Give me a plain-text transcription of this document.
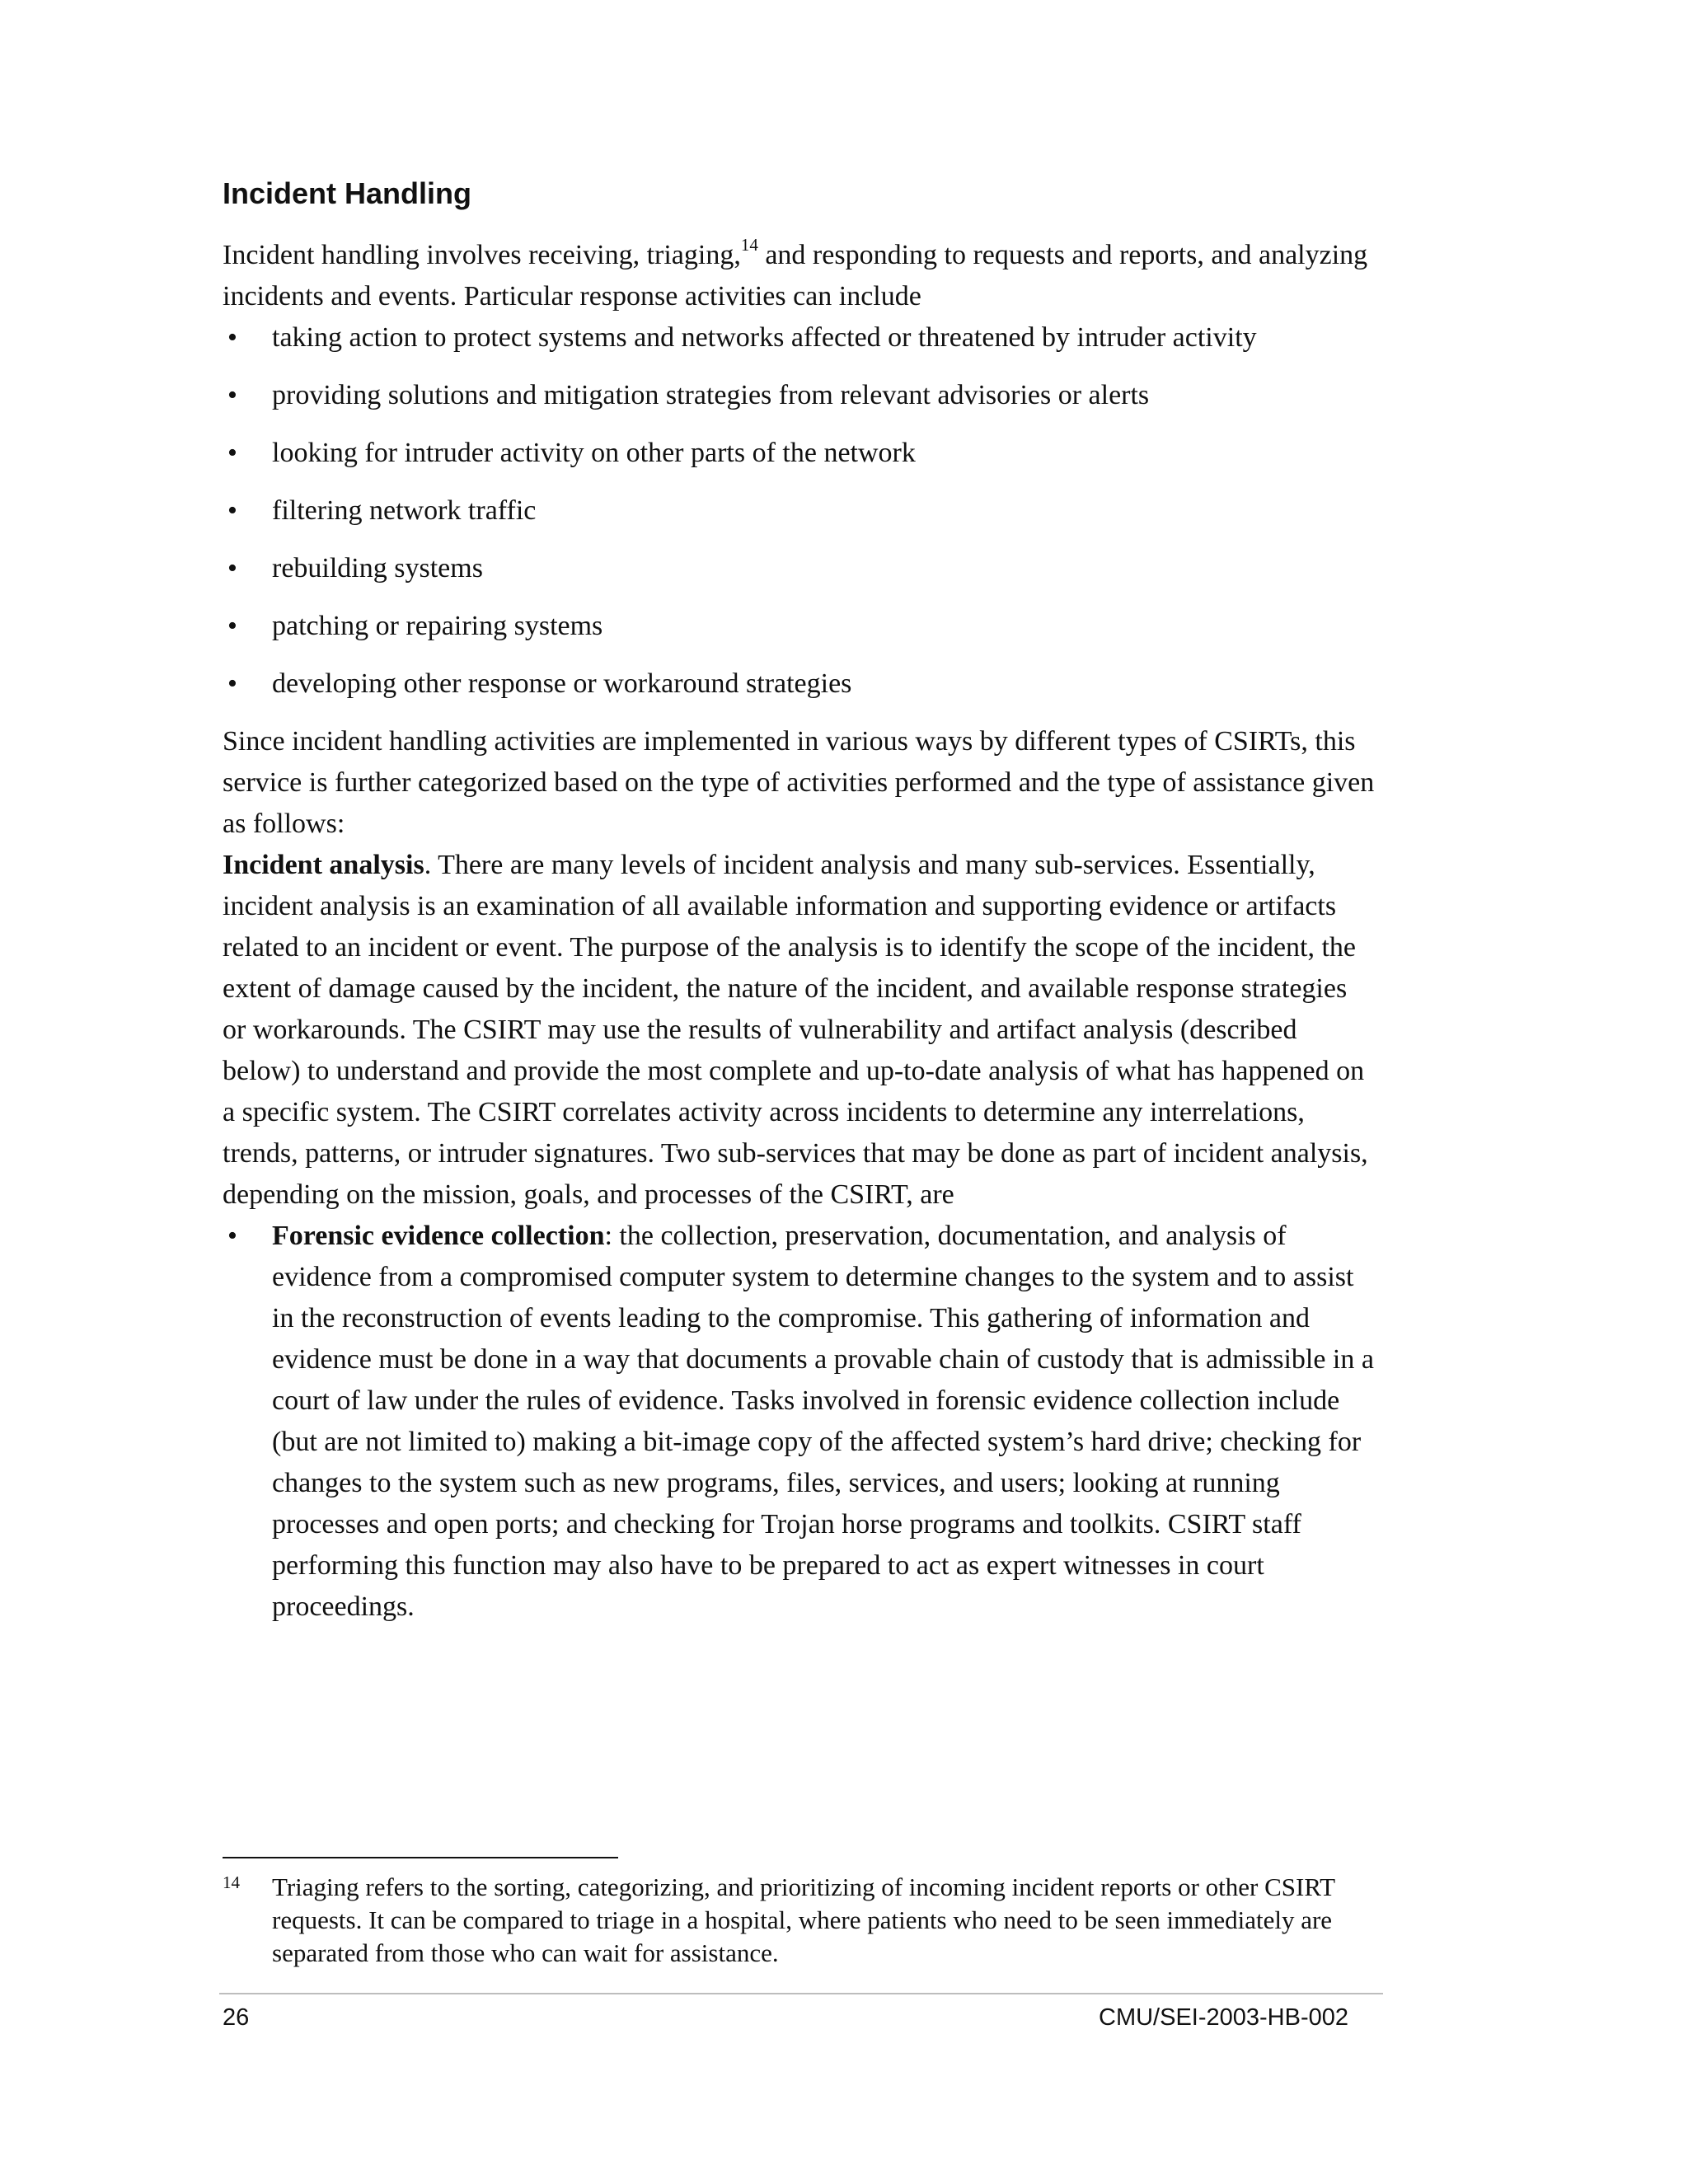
Incident Handling

Incident handling involves receiving, triaging,$^{14}$ and responding to requests and reports, and analyzing incidents and events. Particular response activities can include

• taking action to protect systems and networks affected or threatened by intruder activity
• providing solutions and mitigation strategies from relevant advisories or alerts
• looking for intruder activity on other parts of the network
• filtering network traffic
• rebuilding systems
• patching or repairing systems
• developing other response or workaround strategies

Since incident handling activities are implemented in various ways by different types of CSIRTs, this service is further categorized based on the type of activities performed and the type of assistance given as follows:

Incident analysis. There are many levels of incident analysis and many sub-services. Essentially, incident analysis is an examination of all available information and supporting evidence or artifacts related to an incident or event. The purpose of the analysis is to identify the scope of the incident, the extent of damage caused by the incident, the nature of the incident, and available response strategies or workarounds. The CSIRT may use the results of vulnerability and artifact analysis (described below) to understand and provide the most complete and up-to-date analysis of what has happened on a specific system. The CSIRT correlates activity across incidents to determine any interrelations, trends, patterns, or intruder signatures. Two sub-services that may be done as part of incident analysis, depending on the mission, goals, and processes of the CSIRT, are

• Forensic evidence collection: the collection, preservation, documentation, and analysis of evidence from a compromised computer system to determine changes to the system and to assist in the reconstruction of events leading to the compromise. This gathering of information and evidence must be done in a way that documents a provable chain of custody that is admissible in a court of law under the rules of evidence. Tasks involved in forensic evidence collection include (but are not limited to) making a bit-image copy of the affected system’s hard drive; checking for changes to the system such as new programs, files, services, and users; looking at running processes and open ports; and checking for Trojan horse programs and toolkits. CSIRT staff performing this function may also have to be prepared to act as expert witnesses in court proceedings.
14 Triaging refers to the sorting, categorizing, and prioritizing of incoming incident reports or other CSIRT requests. It can be compared to triage in a hospital, where patients who need to be seen immediately are separated from those who can wait for assistance.
26	CMU/SEI-2003-HB-002
